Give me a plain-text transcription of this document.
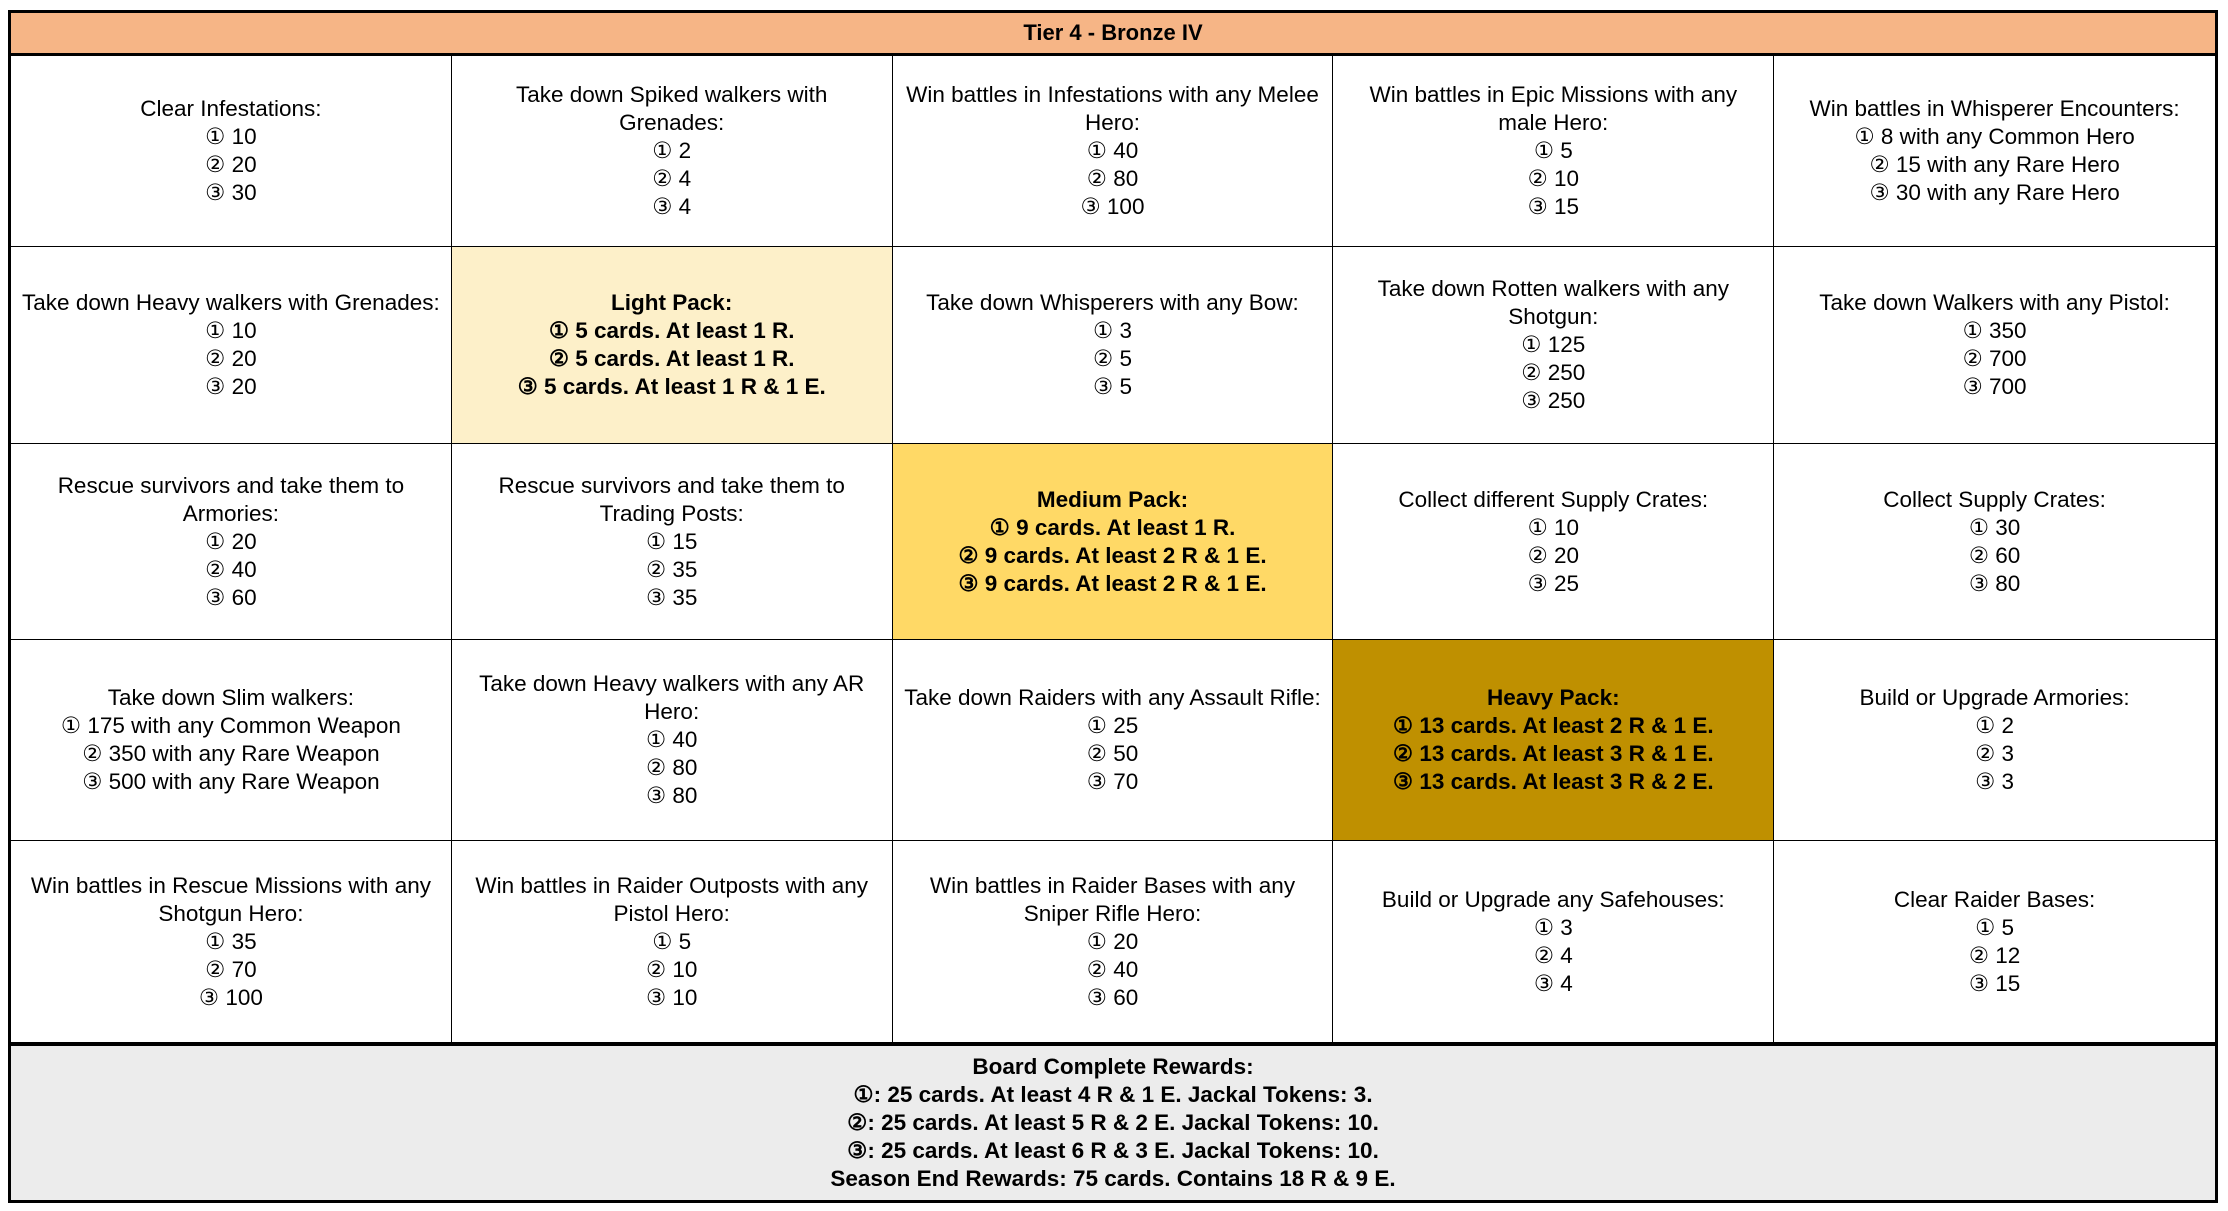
Tier 4 - Bronze IV
Clear Infestations:
① 10
② 20
③ 30
Take down Spiked walkers with Grenades:
① 2
② 4
③ 4
Win battles in Infestations with any Melee Hero:
① 40
② 80
③ 100
Win battles in Epic Missions with any male Hero:
① 5
② 10
③ 15
Win battles in Whisperer Encounters:
① 8 with any Common Hero
② 15 with any Rare Hero
③ 30 with any Rare Hero
Take down Heavy walkers with Grenades:
① 10
② 20
③ 20
Light Pack:
① 5 cards. At least 1 R.
② 5 cards. At least 1 R.
③ 5 cards. At least 1 R & 1 E.
Take down Whisperers with any Bow:
① 3
② 5
③ 5
Take down Rotten walkers with any Shotgun:
① 125
② 250
③ 250
Take down Walkers with any Pistol:
① 350
② 700
③ 700
Rescue survivors and take them to Armories:
① 20
② 40
③ 60
Rescue survivors and take them to Trading Posts:
① 15
② 35
③ 35
Medium Pack:
① 9 cards. At least 1 R.
② 9 cards. At least 2 R & 1 E.
③ 9 cards. At least 2 R & 1 E.
Collect different Supply Crates:
① 10
② 20
③ 25
Collect Supply Crates:
① 30
② 60
③ 80
Take down Slim walkers:
① 175 with any Common Weapon
② 350 with any Rare Weapon
③ 500 with any Rare Weapon
Take down Heavy walkers with any AR Hero:
① 40
② 80
③ 80
Take down Raiders with any Assault Rifle:
① 25
② 50
③ 70
Heavy Pack:
① 13 cards. At least 2 R & 1 E.
② 13 cards. At least 3 R & 1 E.
③ 13 cards. At least 3 R & 2 E.
Build or Upgrade Armories:
① 2
② 3
③ 3
Win battles in Rescue Missions with any Shotgun Hero:
① 35
② 70
③ 100
Win battles in Raider Outposts with any Pistol Hero:
① 5
② 10
③ 10
Win battles in Raider Bases with any Sniper Rifle Hero:
① 20
② 40
③ 60
Build or Upgrade any Safehouses:
① 3
② 4
③ 4
Clear Raider Bases:
① 5
② 12
③ 15
Board Complete Rewards:
①: 25 cards. At least 4 R & 1 E. Jackal Tokens: 3.
②: 25 cards. At least 5 R & 2 E. Jackal Tokens: 10.
③: 25 cards. At least 6 R & 3 E. Jackal Tokens: 10.
Season End Rewards: 75 cards. Contains 18 R & 9 E.
